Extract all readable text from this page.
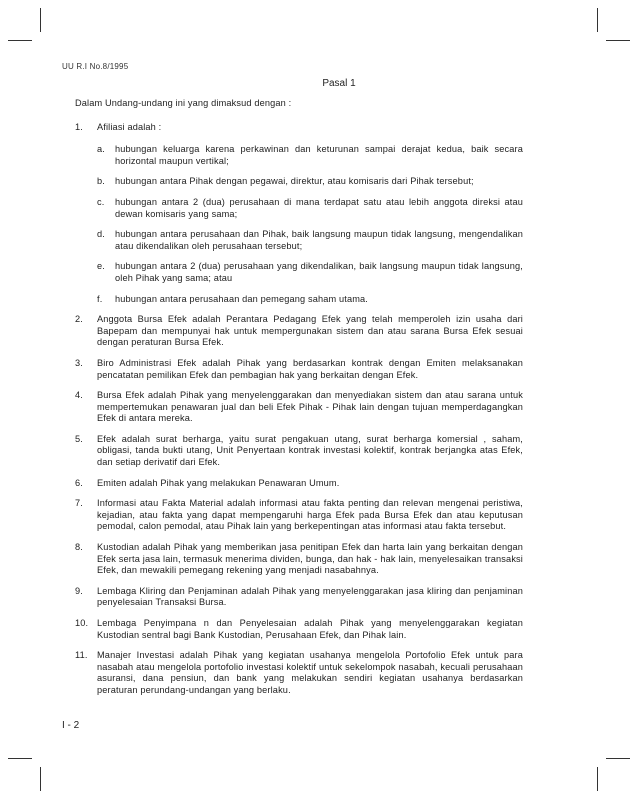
UU R.I No.8/1995
Pasal 1

Dalam Undang-undang ini yang dimaksud dengan :

1. Afiliasi adalah :
a. hubungan keluarga karena perkawinan dan keturunan sampai derajat kedua, baik secara horizontal maupun vertikal;
b. hubungan antara Pihak dengan pegawai, direktur, atau komisaris dari Pihak tersebut;
c. hubungan antara 2 (dua) perusahaan di mana terdapat satu atau lebih anggota direksi atau dewan komisaris yang sama;
d. hubungan antara perusahaan dan Pihak, baik langsung maupun tidak langsung, mengendalikan atau dikendalikan oleh perusahaan tersebut;
e. hubungan antara 2 (dua) perusahaan yang dikendalikan, baik langsung maupun tidak langsung, oleh Pihak yang sama; atau
f. hubungan antara perusahaan dan pemegang saham utama.
2. Anggota Bursa Efek adalah Perantara Pedagang Efek yang telah memperoleh izin usaha dari Bapepam dan mempunyai hak untuk mempergunakan sistem dan atau sarana Bursa Efek sesuai dengan peraturan Bursa Efek.
3. Biro Administrasi Efek adalah Pihak yang berdasarkan kontrak dengan Emiten melaksanakan pencatatan pemilikan Efek dan pembagian hak yang berkaitan dengan Efek.
4. Bursa Efek adalah Pihak yang menyelenggarakan dan menyediakan sistem dan atau sarana untuk mempertemukan penawaran jual dan beli Efek Pihak - Pihak lain dengan tujuan memperdagangkan Efek di antara mereka.
5. Efek adalah surat berharga, yaitu surat pengakuan utang, surat berharga komersial , saham, obligasi, tanda bukti utang, Unit Penyertaan kontrak investasi kolektif, kontrak berjangka atas Efek, dan setiap derivatif dari Efek.
6. Emiten adalah Pihak yang melakukan Penawaran Umum.
7. Informasi atau Fakta Material adalah informasi atau fakta penting dan relevan mengenai peristiwa, kejadian, atau fakta yang dapat mempengaruhi harga Efek pada Bursa Efek dan atau keputusan pemodal, calon pemodal, atau Pihak lain yang berkepentingan atas informasi atau fakta tersebut.
8. Kustodian adalah Pihak yang memberikan jasa penitipan Efek dan harta lain yang berkaitan dengan Efek serta jasa lain, termasuk menerima dividen, bunga, dan hak - hak lain, menyelesaikan transaksi Efek, dan mewakili pemegang rekening yang menjadi nasabahnya.
9. Lembaga Kliring dan Penjaminan adalah Pihak yang menyelenggarakan jasa kliring dan penjaminan penyelesaian Transaksi Bursa.
10. Lembaga Penyimpana n dan Penyelesaian adalah Pihak yang menyelenggarakan kegiatan Kustodian sentral bagi Bank Kustodian, Perusahaan Efek, dan Pihak lain.
11. Manajer Investasi adalah Pihak yang kegiatan usahanya mengelola Portofolio Efek untuk para nasabah atau mengelola portofolio investasi kolektif untuk sekelompok nasabah, kecuali perusahaan asuransi, dana pensiun, dan bank yang melakukan sendiri kegiatan usahanya berdasarkan peraturan perundang-undangan yang berlaku.
I - 2
